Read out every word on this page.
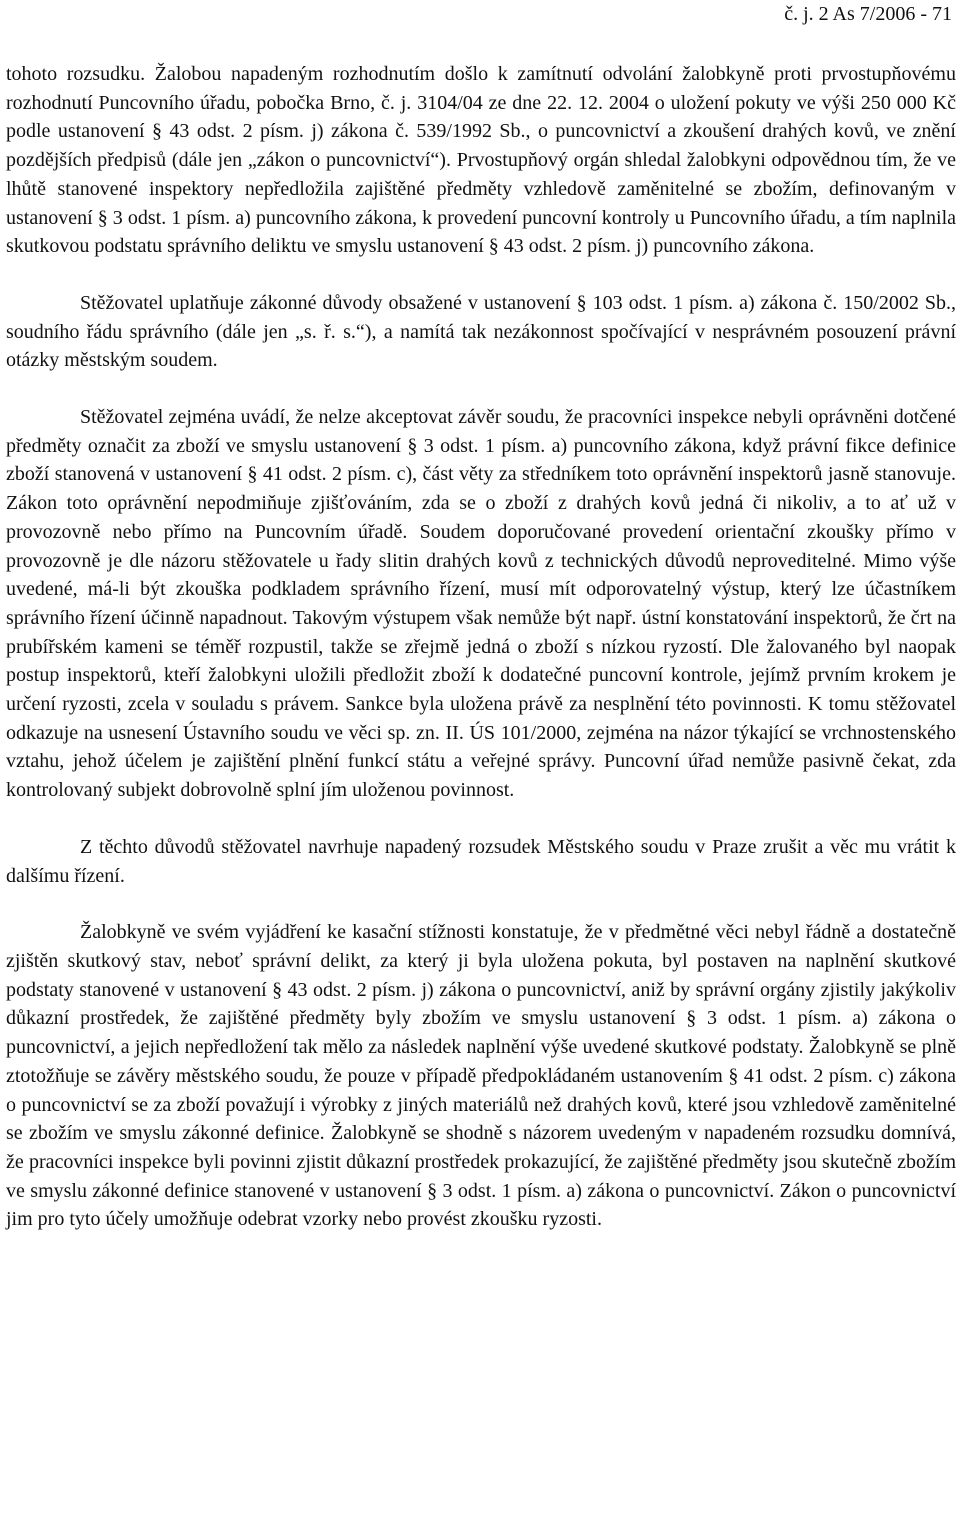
č. j. 2 As 7/2006 - 71

tohoto rozsudku. Žalobou napadeným rozhodnutím došlo k zamítnutí odvolání žalobkyně proti prvostupňovému rozhodnutí Puncovního úřadu, pobočka Brno, č. j. 3104/04 ze dne 22. 12. 2004 o uložení pokuty ve výši 250 000 Kč podle ustanovení § 43 odst. 2 písm. j) zákona č. 539/1992 Sb., o puncovnictví a zkoušení drahých kovů, ve znění pozdějších předpisů (dále jen „zákon o puncovnictví“). Prvostupňový orgán shledal žalobkyni odpovědnou tím, že ve lhůtě stanovené inspektory nepředložila zajištěné předměty vzhledově zaměnitelné se zbožím, definovaným v ustanovení § 3 odst. 1 písm. a) puncovního zákona, k provedení puncovní kontroly u Puncovního úřadu, a tím naplnila skutkovou podstatu správního deliktu ve smyslu ustanovení § 43 odst. 2 písm. j) puncovního zákona.

Stěžovatel uplatňuje zákonné důvody obsažené v ustanovení § 103 odst. 1 písm. a) zákona č. 150/2002 Sb., soudního řádu správního (dále jen „s. ř. s.“), a namítá tak nezákonnost spočívající v nesprávném posouzení právní otázky městským soudem.

Stěžovatel zejména uvádí, že nelze akceptovat závěr soudu, že pracovníci inspekce nebyli oprávněni dotčené předměty označit za zboží ve smyslu ustanovení § 3 odst. 1 písm. a) puncovního zákona, když právní fikce definice zboží stanovená v ustanovení § 41 odst. 2 písm. c), část věty za středníkem toto oprávnění inspektorů jasně stanovuje. Zákon toto oprávnění nepodmiňuje zjišťováním, zda se o zboží z drahých kovů jedná či nikoliv, a to ať už v provozovně nebo přímo na Puncovním úřadě. Soudem doporučované provedení orientační zkoušky přímo v provozovně je dle názoru stěžovatele u řady slitin drahých kovů z technických důvodů neproveditelné. Mimo výše uvedené, má-li být zkouška podkladem správního řízení, musí mít odporovatelný výstup, který lze účastníkem správního řízení účinně napadnout. Takovým výstupem však nemůže být např. ústní konstatování inspektorů, že črt na prubířském kameni se téměř rozpustil, takže se zřejmě jedná o zboží s nízkou ryzostí. Dle žalovaného byl naopak postup inspektorů, kteří žalobkyni uložili předložit zboží k dodatečné puncovní kontrole, jejímž prvním krokem je určení ryzosti, zcela v souladu s právem. Sankce byla uložena právě za nesplnění této povinnosti. K tomu stěžovatel odkazuje na usnesení Ústavního soudu ve věci sp. zn. II. ÚS 101/2000, zejména na názor týkající se vrchnostenského vztahu, jehož účelem je zajištění plnění funkcí státu a veřejné správy. Puncovní úřad nemůže pasivně čekat, zda kontrolovaný subjekt dobrovolně splní jím uloženou povinnost.

Z těchto důvodů stěžovatel navrhuje napadený rozsudek Městského soudu v Praze zrušit a věc mu vrátit k dalšímu řízení.

Žalobkyně ve svém vyjádření ke kasační stížnosti konstatuje, že v předmětné věci nebyl řádně a dostatečně zjištěn skutkový stav, neboť správní delikt, za který ji byla uložena pokuta, byl postaven na naplnění skutkové podstaty stanovené v ustanovení § 43 odst. 2 písm. j) zákona o puncovnictví, aniž by správní orgány zjistily jakýkoliv důkazní prostředek, že zajištěné předměty byly zbožím ve smyslu ustanovení § 3 odst. 1 písm. a) zákona o puncovnictví, a jejich nepředložení tak mělo za následek naplnění výše uvedené skutkové podstaty. Žalobkyně se plně ztotožňuje se závěry městského soudu, že pouze v případě předpokládaném ustanovením § 41 odst. 2 písm. c) zákona o puncovnictví se za zboží považují i výrobky z jiných materiálů než drahých kovů, které jsou vzhledově zaměnitelné se zbožím ve smyslu zákonné definice. Žalobkyně se shodně s názorem uvedeným v napadeném rozsudku domnívá, že pracovníci inspekce byli povinni zjistit důkazní prostředek prokazující, že zajištěné předměty jsou skutečně zbožím ve smyslu zákonné definice stanovené v ustanovení § 3 odst. 1 písm. a) zákona o puncovnictví. Zákon o puncovnictví jim pro tyto účely umožňuje odebrat vzorky nebo provést zkoušku ryzosti.
